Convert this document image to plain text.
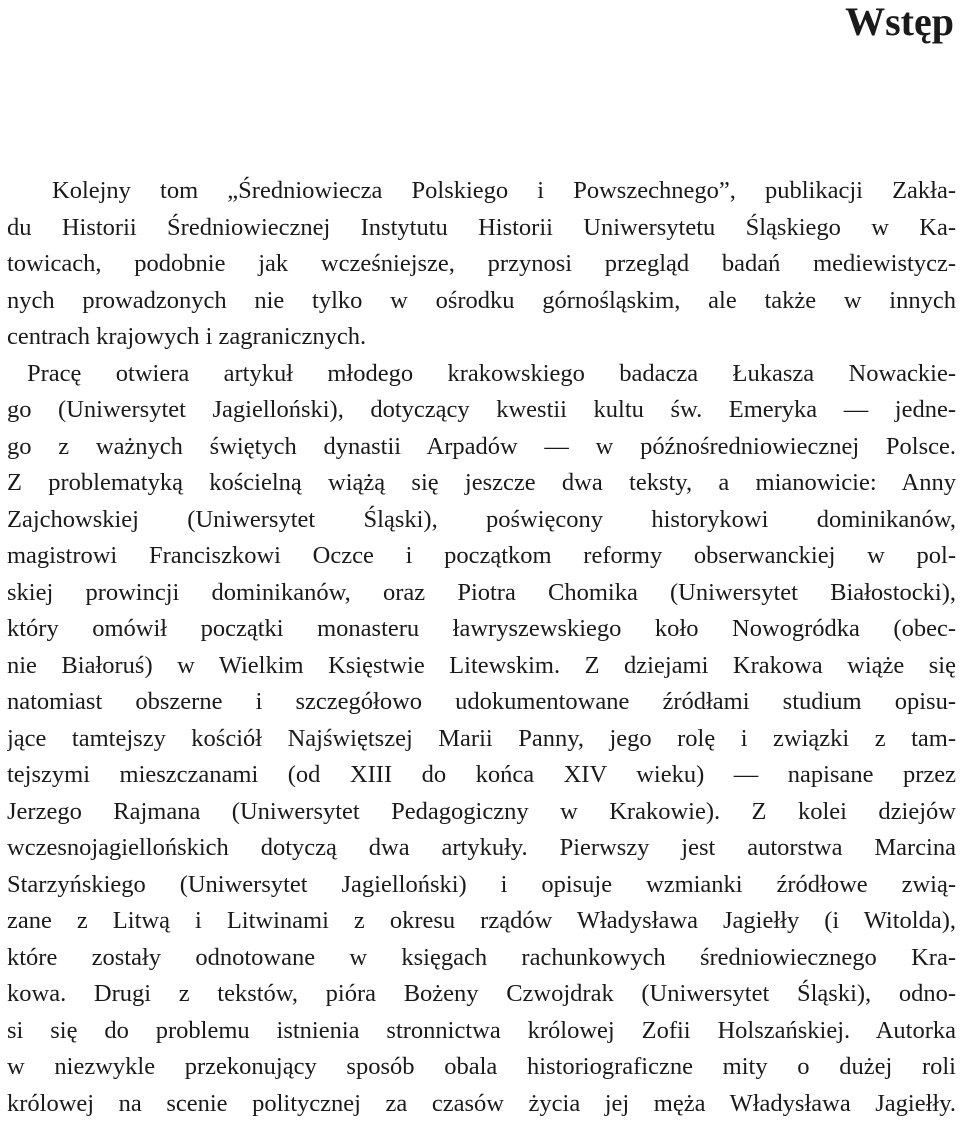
Wstęp
Kolejny tom „Średniowiecza Polskiego i Powszechnego”, publikacji Zakła-
du Historii Średniowiecznej Instytutu Historii Uniwersytetu Śląskiego w Ka-
towicach, podobnie jak wcześniejsze, przynosi przegląd badań mediewistycz-
nych prowadzonych nie tylko w ośrodku górnośląskim, ale także w innych
centrach krajowych i zagranicznych.
Pracę otwiera artykuł młodego krakowskiego badacza Łukasza Nowackie-
go (Uniwersytet Jagielloński), dotyczący kwestii kultu św. Emeryka — jedne-
go z ważnych świętych dynastii Arpadów — w późnośredniowiecznej Polsce.
Z problematyką kościelną wiążą się jeszcze dwa teksty, a mianowicie: Anny
Zajchowskiej (Uniwersytet Śląski), poświęcony historykowi dominikanów,
magistrowi Franciszkowi Oczce i początkom reformy obserwanckiej w pol-
skiej prowincji dominikanów, oraz Piotra Chomika (Uniwersytet Białostocki),
który omówił początki monasteru ławryszewskiego koło Nowogródka (obec-
nie Białoruś) w Wielkim Księstwie Litewskim. Z dziejami Krakowa wiąże się
natomiast obszerne i szczegółowo udokumentowane źródłami studium opisu-
jące tamtejszy kościół Najświętszej Marii Panny, jego rolę i związki z tam-
tejszymi mieszczanami (od XIII do końca XIV wieku) — napisane przez
Jerzego Rajmana (Uniwersytet Pedagogiczny w Krakowie). Z kolei dziejów
wczesnojagiellońskich dotyczą dwa artykuły. Pierwszy jest autorstwa Marcina
Starzyńskiego (Uniwersytet Jagielloński) i opisuje wzmianki źródłowe zwią-
zane z Litwą i Litwinami z okresu rządów Władysława Jagiełły (i Witolda),
które zostały odnotowane w księgach rachunkowych średniowiecznego Kra-
kowa. Drugi z tekstów, pióra Bożeny Czwojdrak (Uniwersytet Śląski), odno-
si się do problemu istnienia stronnictwa królowej Zofii Holszańskiej. Autorka
w niezwykle przekonujący sposób obala historiograficzne mity o dużej roli
królowej na scenie politycznej za czasów życia jej męża Władysława Jagiełły.
